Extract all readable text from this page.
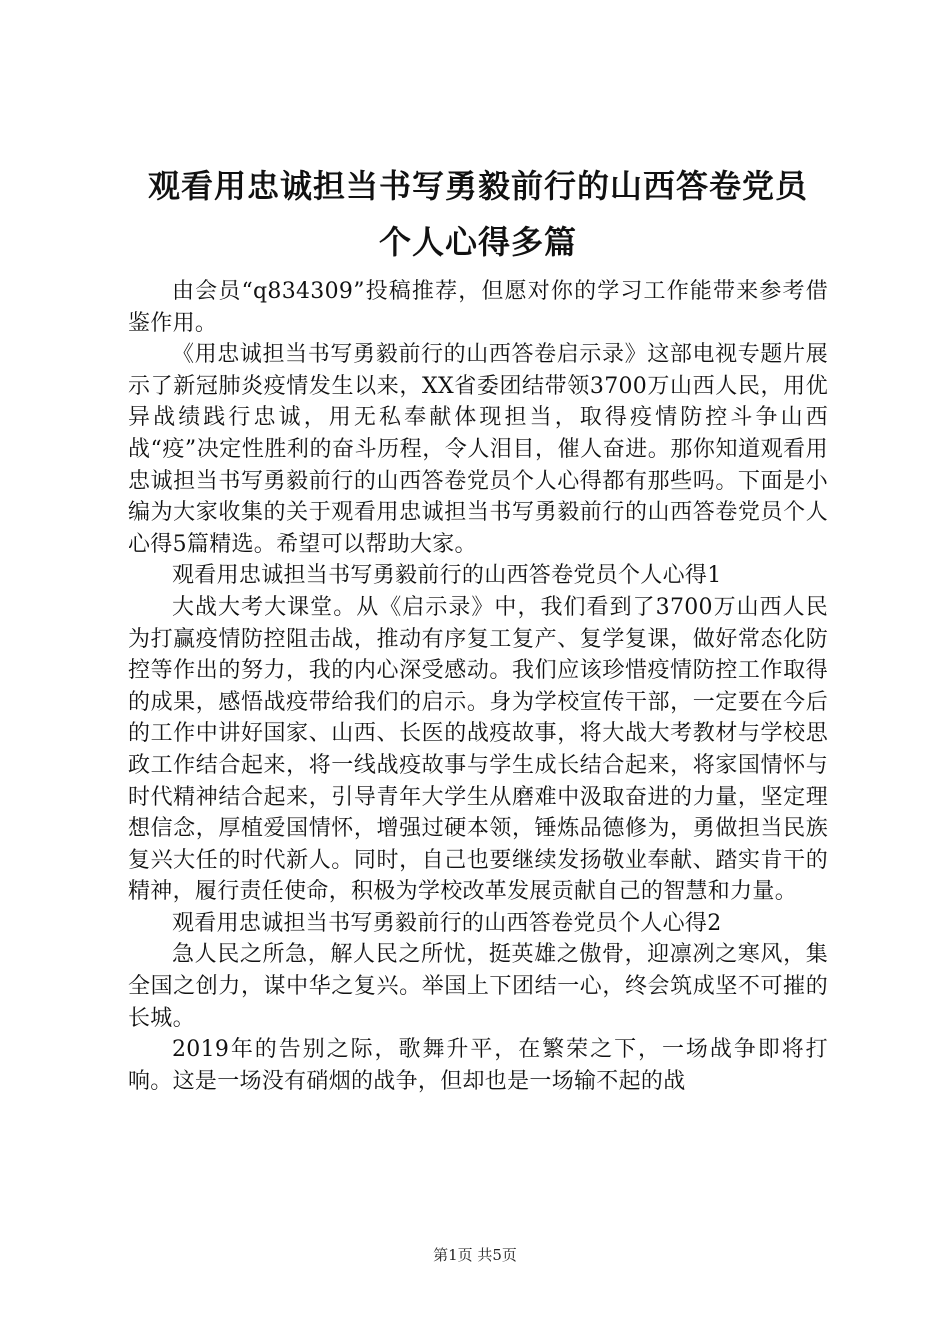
观看用忠诚担当书写勇毅前行的山西答卷党员
个人心得多篇

由会员“q834309”投稿推荐，但愿对你的学习工作能带来参考借鉴作用。

《用忠诚担当书写勇毅前行的山西答卷启示录》这部电视专题片展示了新冠肺炎疫情发生以来，XX省委团结带领3700万山西人民，用优异战绩践行忠诚，用无私奉献体现担当，取得疫情防控斗争山西战“疫”决定性胜利的奋斗历程，令人泪目，催人奋进。那你知道观看用忠诚担当书写勇毅前行的山西答卷党员个人心得都有那些吗。下面是小编为大家收集的关于观看用忠诚担当书写勇毅前行的山西答卷党员个人心得5篇精选。希望可以帮助大家。

观看用忠诚担当书写勇毅前行的山西答卷党员个人心得1

大战大考大课堂。从《启示录》中，我们看到了3700万山西人民为打赢疫情防控阻击战，推动有序复工复产、复学复课，做好常态化防控等作出的努力，我的内心深受感动。我们应该珍惜疫情防控工作取得的成果，感悟战疫带给我们的启示。身为学校宣传干部，一定要在今后的工作中讲好国家、山西、长医的战疫故事，将大战大考教材与学校思政工作结合起来，将一线战疫故事与学生成长结合起来，将家国情怀与时代精神结合起来，引导青年大学生从磨难中汲取奋进的力量，坚定理想信念，厚植爱国情怀，增强过硬本领，锤炼品德修为，勇做担当民族复兴大任的时代新人。同时，自己也要继续发扬敬业奉献、踏实肯干的精神，履行责任使命，积极为学校改革发展贡献自己的智慧和力量。

观看用忠诚担当书写勇毅前行的山西答卷党员个人心得2

急人民之所急，解人民之所忧，挺英雄之傲骨，迎凛冽之寒风，集全国之创力，谋中华之复兴。举国上下团结一心，终会筑成坚不可摧的长城。

2019年的告别之际，歌舞升平，在繁荣之下，一场战争即将打响。这是一场没有硝烟的战争，但却也是一场输不起的战

第1页 共5页
